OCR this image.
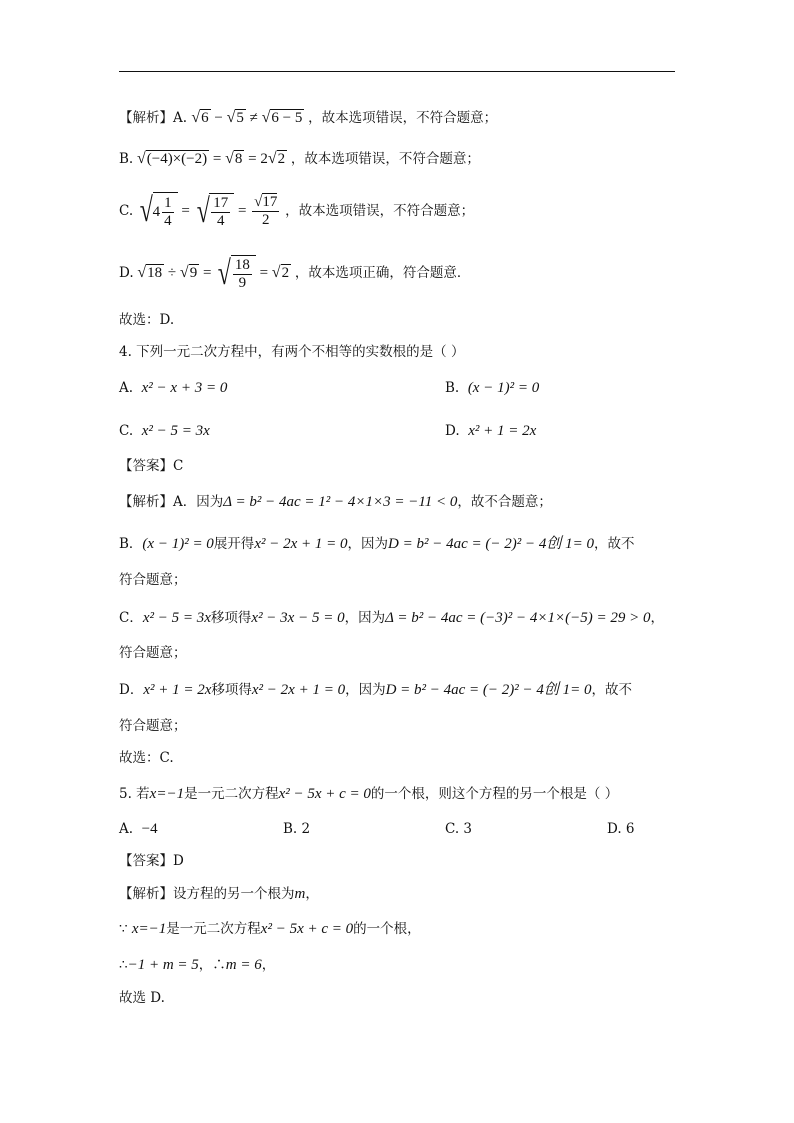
【解析】A. √6 − √5 ≠ √6 − 5 ，故本选项错误，不符合题意；
B. √(−4)×(−2) = √8 = 2√2 ，故本选项错误，不符合题意；
C. √ $4 \frac{1}{4}$ = √ $\frac{17}{4} = \frac{√17}{2}$ ，故本选项错误，不符合题意；
D. √18 ÷ √9 = √ $\frac{18}{9} = √2$ ，故本选项正确，符合题意．
故选：D.
4. 下列一元二次方程中，有两个不相等的实数根的是（ ）
A. x² − x + 3 = 0	B. (x − 1)² = 0
C. x² − 5 = 3x	D. x² + 1 = 2x
【答案】C
【解析】A．因为Δ = b² − 4ac = 1² − 4×1×3 = −11 < 0，故不合题意；
B．(x − 1)² = 0展开得x² − 2x + 1 = 0，因为D = b² − 4ac = (− 2)² − 4创 1= 0，故不
符合题意；
C．x² − 5 = 3x移项得x² − 3x − 5 = 0，因为Δ = b² − 4ac = (−3)² − 4×1×(−5) = 29 > 0，
符合题意；
D．x² + 1 = 2x移项得x² − 2x + 1 = 0，因为D = b² − 4ac = (− 2)² − 4创 1= 0，故不
符合题意；
故选：C.
5. 若x=−1是一元二次方程x² − 5x + c = 0的一个根，则这个方程的另一个根是（ ）
A. −4	B. 2	C. 3	D. 6
【答案】D
【解析】设方程的另一个根为m，
∵ x=−1是一元二次方程x² − 5x + c = 0的一个根，
∴−1 + m = 5，∴m = 6，
故选 D.
